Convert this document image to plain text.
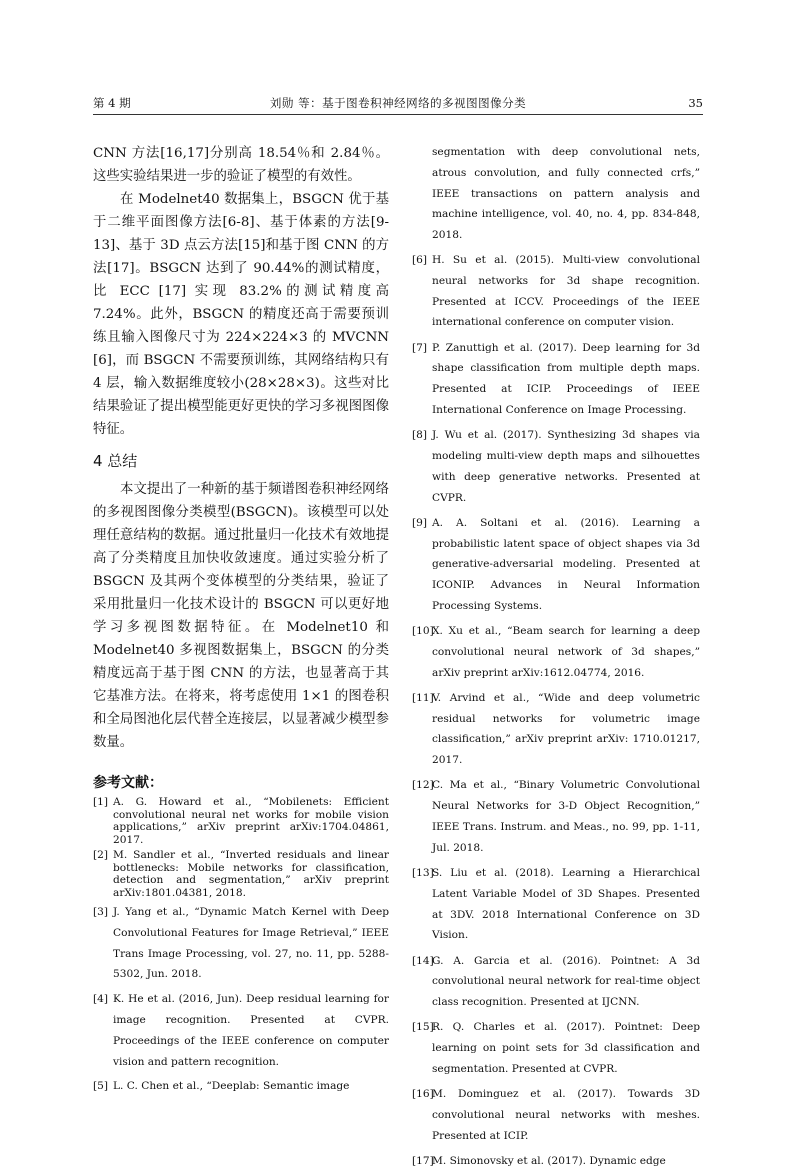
第 4 期	刘勋 等：基于图卷积神经网络的多视图图像分类	35

CNN 方法[16,17]分别高 18.54％和 2.84％。这些实验结果进一步的验证了模型的有效性。

在 Modelnet40 数据集上，BSGCN 优于基于二维平面图像方法[6-8]、基于体素的方法[9-13]、基于 3D 点云方法[15]和基于图 CNN 的方法[17]。BSGCN 达到了 90.44%的测试精度，比 ECC [17] 实现 83.2%的测试精度高 7.24%。此外，BSGCN 的精度还高于需要预训练且输入图像尺寸为 224×224×3 的 MVCNN [6]，而 BSGCN 不需要预训练，其网络结构只有 4 层，输入数据维度较小(28×28×3)。这些对比结果验证了提出模型能更好更快的学习多视图图像特征。

4 总结

本文提出了一种新的基于频谱图卷积神经网络的多视图图像分类模型(BSGCN)。该模型可以处理任意结构的数据。通过批量归一化技术有效地提高了分类精度且加快收敛速度。通过实验分析了 BSGCN 及其两个变体模型的分类结果，验证了采用批量归一化技术设计的 BSGCN 可以更好地学习多视图数据特征。在 Modelnet10 和 Modelnet40 多视图数据集上，BSGCN 的分类精度远高于基于图 CNN 的方法，也显著高于其它基准方法。在将来，将考虑使用 1×1 的图卷积和全局图池化层代替全连接层，以显著减少模型参数量。

参考文献：

[1] A. G. Howard et al., “Mobilenets: Efficient convolutional neural net works for mobile vision applications,” arXiv preprint arXiv:1704.04861, 2017.

[2] M. Sandler et al., “Inverted residuals and linear bottlenecks: Mobile networks for classification, detection and segmentation,” arXiv preprint arXiv:1801.04381, 2018.

[3] J. Yang et al., “Dynamic Match Kernel with Deep Convolutional Features for Image Retrieval,” IEEE Trans Image Processing, vol. 27, no. 11, pp. 5288-5302, Jun. 2018.

[4] K. He et al. (2016, Jun). Deep residual learning for image recognition. Presented at CVPR. Proceedings of the IEEE conference on computer vision and pattern recognition.

[5] L. C. Chen et al., “Deeplab: Semantic image

segmentation with deep convolutional nets, atrous convolution, and fully connected crfs,” IEEE transactions on pattern analysis and machine intelligence, vol. 40, no. 4, pp. 834-848, 2018.

[6] H. Su et al. (2015). Multi-view convolutional neural networks for 3d shape recognition. Presented at ICCV. Proceedings of the IEEE international conference on computer vision.

[7] P. Zanuttigh et al. (2017). Deep learning for 3d shape classification from multiple depth maps. Presented at ICIP. Proceedings of IEEE International Conference on Image Processing.

[8] J. Wu et al. (2017). Synthesizing 3d shapes via modeling multi-view depth maps and silhouettes with deep generative networks. Presented at CVPR.

[9] A. A. Soltani et al. (2016). Learning a probabilistic latent space of object shapes via 3d generative-adversarial modeling. Presented at ICONIP. Advances in Neural Information Processing Systems.

[10]
X. Xu et al., “Beam search for learning a deep convolutional neural network of 3d shapes,” arXiv preprint arXiv:1612.04774, 2016.

[11]
V. Arvind et al., “Wide and deep volumetric residual networks for volumetric image classification,” arXiv preprint arXiv: 1710.01217, 2017.

[12]
C. Ma et al., “Binary Volumetric Convolutional Neural Networks for 3-D Object Recognition,” IEEE Trans. Instrum. and Meas., no. 99, pp. 1-11, Jul. 2018.

[13]
S. Liu et al. (2018). Learning a Hierarchical Latent Variable Model of 3D Shapes. Presented at 3DV. 2018 International Conference on 3D Vision.

[14]
G. A. Garcia et al. (2016). Pointnet: A 3d convolutional neural network for real-time object class recognition. Presented at IJCNN.

[15]
R. Q. Charles et al. (2017). Pointnet: Deep learning on point sets for 3d classification and segmentation. Presented at CVPR.

[16]
M. Dominguez et al. (2017). Towards 3D convolutional neural networks with meshes. Presented at ICIP.

[17]
M. Simonovsky et al. (2017). Dynamic edge
